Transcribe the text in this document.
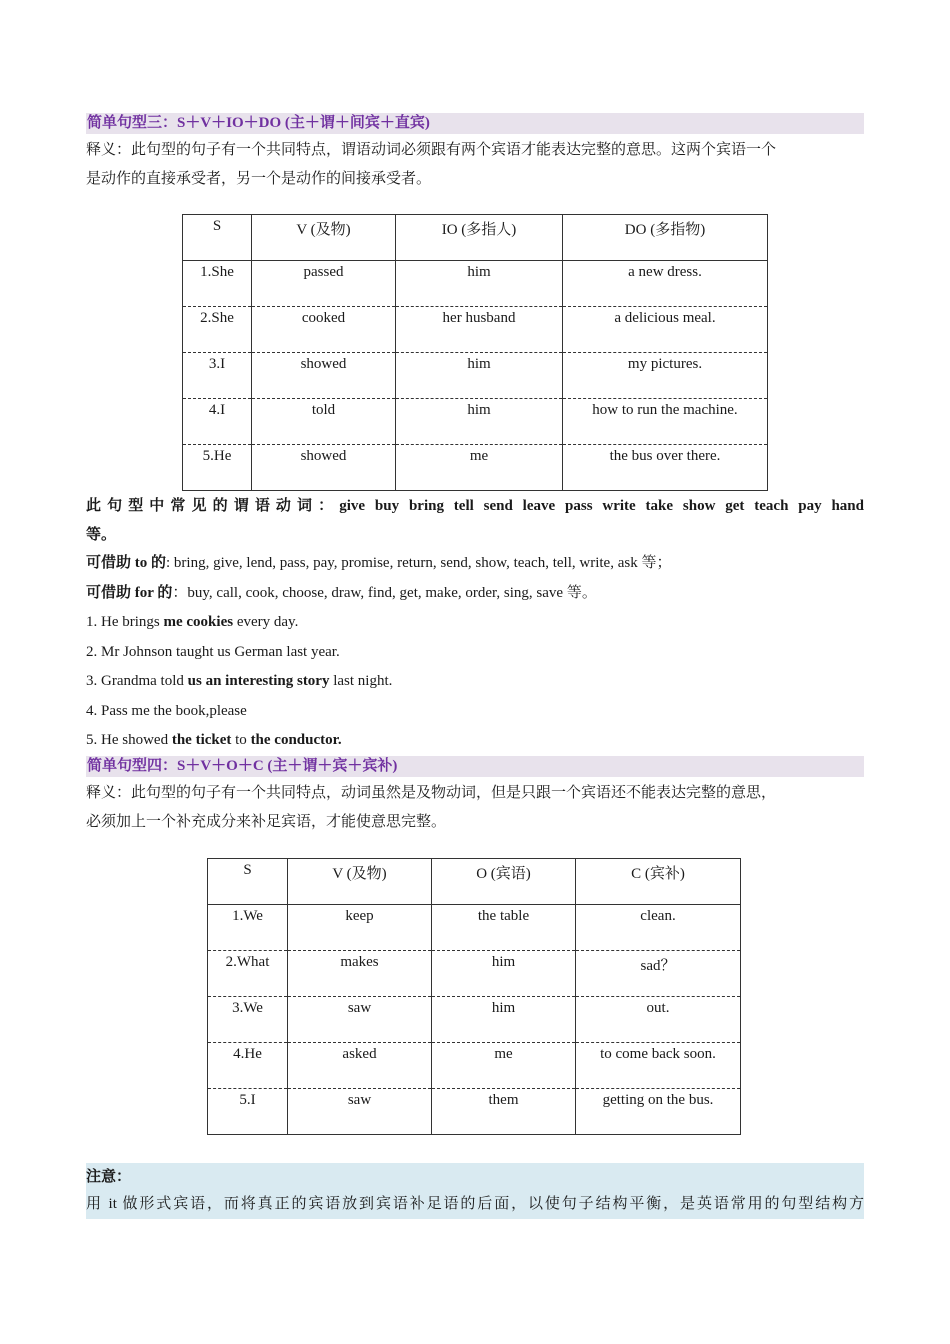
简单句型三：S＋V＋IO＋DO (主＋谓＋间宾＋直宾)

释义：此句型的句子有一个共同特点，谓语动词必须跟有两个宾语才能表达完整的意思。这两个宾语一个

是动作的直接承受者，另一个是动作的间接承受者。

S	V (及物)	IO (多指人)	DO (多指物)
1.She	passed	him	a new dress.
2.She	cooked	her husband	a delicious meal.
3.I	showed	him	my pictures.
4.I	told	him	how to run the machine.
5.He	showed	me	the bus over there.
此句型中常见的谓语动词：give buy bring tell send leave pass write take show get teach pay hand
等。

可借助 to 的: bring, give, lend, pass, pay, promise, return, send, show, teach, tell, write, ask 等；

可借助 for 的：buy, call, cook, choose, draw, find, get, make, order, sing, save 等。

1. He brings me cookies every day.

2. Mr Johnson taught us German last year.

3. Grandma told us an interesting story last night.

4. Pass me the book,please

5. He showed the ticket to the conductor.

简单句型四：S＋V＋O＋C (主＋谓＋宾＋宾补)

释义：此句型的句子有一个共同特点，动词虽然是及物动词，但是只跟一个宾语还不能表达完整的意思，

必须加上一个补充成分来补足宾语，才能使意思完整。

S	V (及物)	O (宾语)	C (宾补)
1.We	keep	the table	clean.
2.What	makes	him	sad？
3.We	saw	him	out.
4.He	asked	me	to come back soon.
5.I	saw	them	getting on the bus.
注意：
用 it 做形式宾语，而将真正的宾语放到宾语补足语的后面，以使句子结构平衡，是英语常用的句型结构方
